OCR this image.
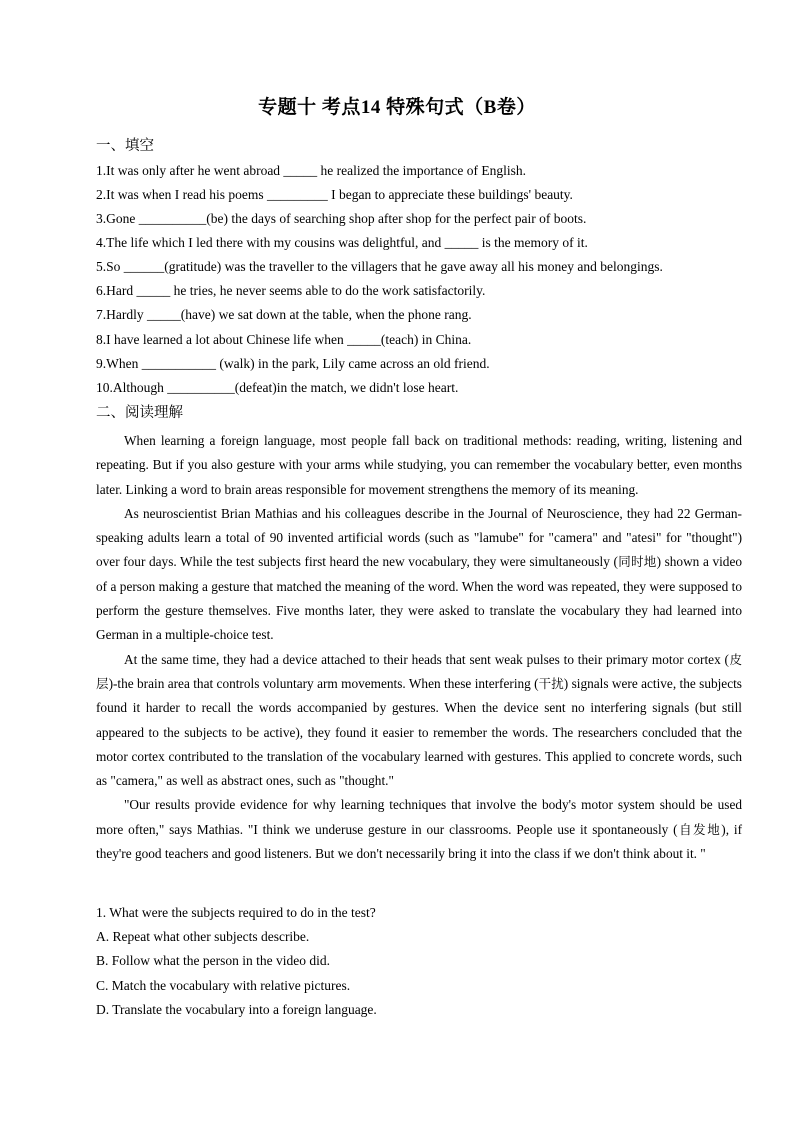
专题十 考点14 特殊句式（B卷）
一、填空
1.It was only after he went abroad _____ he realized the importance of English.
2.It was when I read his poems _________ I began to appreciate these buildings' beauty.
3.Gone __________(be) the days of searching shop after shop for the perfect pair of boots.
4.The life which I led there with my cousins was delightful, and _____ is the memory of it.
5.So ______(gratitude) was the traveller to the villagers that he gave away all his money and belongings.
6.Hard _____ he tries, he never seems able to do the work satisfactorily.
7.Hardly _____(have) we sat down at the table, when the phone rang.
8.I have learned a lot about Chinese life when _____(teach) in China.
9.When ___________ (walk) in the park, Lily came across an old friend.
10.Although __________(defeat)in the match, we didn't lose heart.
二、阅读理解

When learning a foreign language, most people fall back on traditional methods: reading, writing, listening and repeating. But if you also gesture with your arms while studying, you can remember the vocabulary better, even months later. Linking a word to brain areas responsible for movement strengthens the memory of its meaning.

As neuroscientist Brian Mathias and his colleagues describe in the Journal of Neuroscience, they had 22 German-speaking adults learn a total of 90 invented artificial words (such as "lamube" for "camera" and "atesi" for "thought") over four days. While the test subjects first heard the new vocabulary, they were simultaneously (同时地) shown a video of a person making a gesture that matched the meaning of the word. When the word was repeated, they were supposed to perform the gesture themselves. Five months later, they were asked to translate the vocabulary they had learned into German in a multiple-choice test.

At the same time, they had a device attached to their heads that sent weak pulses to their primary motor cortex (皮层)-the brain area that controls voluntary arm movements. When these interfering (干扰) signals were active, the subjects found it harder to recall the words accompanied by gestures. When the device sent no interfering signals (but still appeared to the subjects to be active), they found it easier to remember the words. The researchers concluded that the motor cortex contributed to the translation of the vocabulary learned with gestures. This applied to concrete words, such as "camera," as well as abstract ones, such as "thought."

"Our results provide evidence for why learning techniques that involve the body's motor system should be used more often," says Mathias. "I think we underuse gesture in our classrooms. People use it spontaneously (自发地), if they're good teachers and good listeners. But we don't necessarily bring it into the class if we don't think about it. "

1. What were the subjects required to do in the test?
A. Repeat what other subjects describe.
B. Follow what the person in the video did.
C. Match the vocabulary with relative pictures.
D. Translate the vocabulary into a foreign language.
